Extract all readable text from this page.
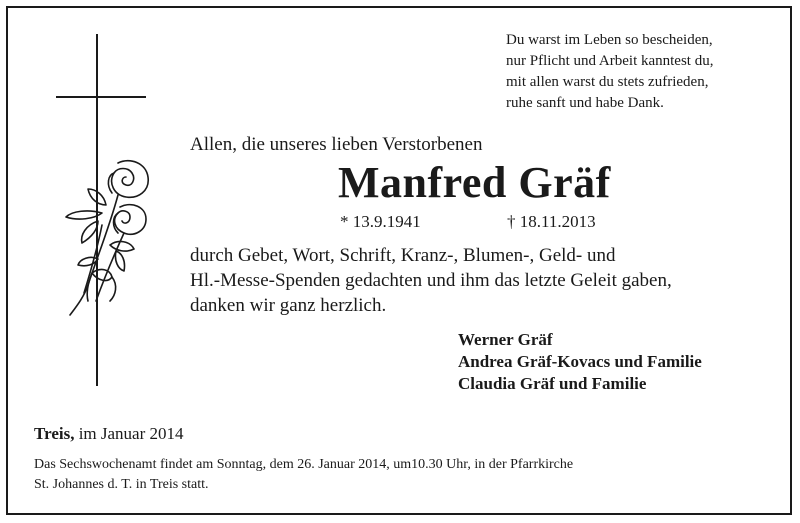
Du warst im Leben so bescheiden,
nur Pflicht und Arbeit kanntest du,
mit allen warst du stets zufrieden,
ruhe sanft und habe Dank.
Allen, die unseres lieben Verstorbenen
Manfred Gräf
* 13.9.1941	† 18.11.2013
durch Gebet, Wort, Schrift, Kranz-, Blumen-, Geld- und
Hl.-Messe-Spenden gedachten und ihm das letzte Geleit gaben,
danken wir ganz herzlich.
Werner Gräf
Andrea Gräf-Kovacs und Familie
Claudia Gräf und Familie
Treis, im Januar 2014
Das Sechswochenamt findet am Sonntag, dem 26. Januar 2014, um10.30 Uhr, in der Pfarrkirche
St. Johannes d. T. in Treis statt.
